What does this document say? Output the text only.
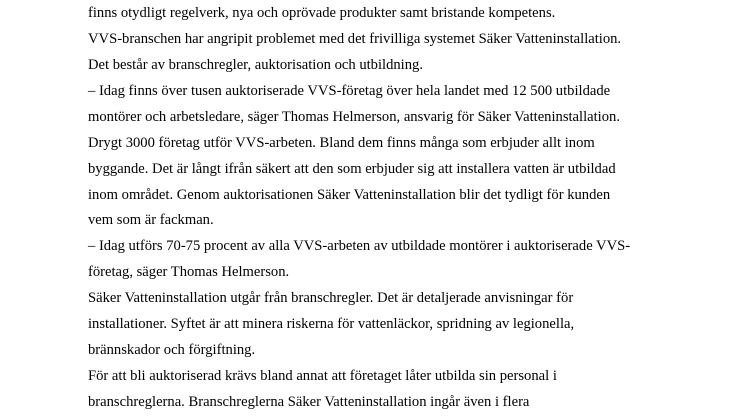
finns otydligt regelverk, nya och oprövade produkter samt bristande kompetens.
VVS-branschen har angripit problemet med det frivilliga systemet Säker Vatteninstallation.
Det består av branschregler, auktorisation och utbildning.
– Idag finns över tusen auktoriserade VVS-företag över hela landet med 12 500 utbildade
montörer och arbetsledare, säger Thomas Helmerson, ansvarig för Säker Vatteninstallation.
Drygt 3000 företag utför VVS-arbeten. Bland dem finns många som erbjuder allt inom
byggande. Det är långt ifrån säkert att den som erbjuder sig att installera vatten är utbildad
inom området. Genom auktorisationen Säker Vatteninstallation blir det tydligt för kunden
vem som är fackman.
– Idag utförs 70-75 procent av alla VVS-arbeten av utbildade montörer i auktoriserade VVS-
företag, säger Thomas Helmerson.
Säker Vatteninstallation utgår från branschregler. Det är detaljerade anvisningar för
installationer. Syftet är att minera riskerna för vattenläckor, spridning av legionella,
brännskador och förgiftning.
För att bli auktoriserad krävs bland annat att företaget låter utbilda sin personal i
branschreglerna. Branschreglerna Säker Vatteninstallation ingår även i flera
